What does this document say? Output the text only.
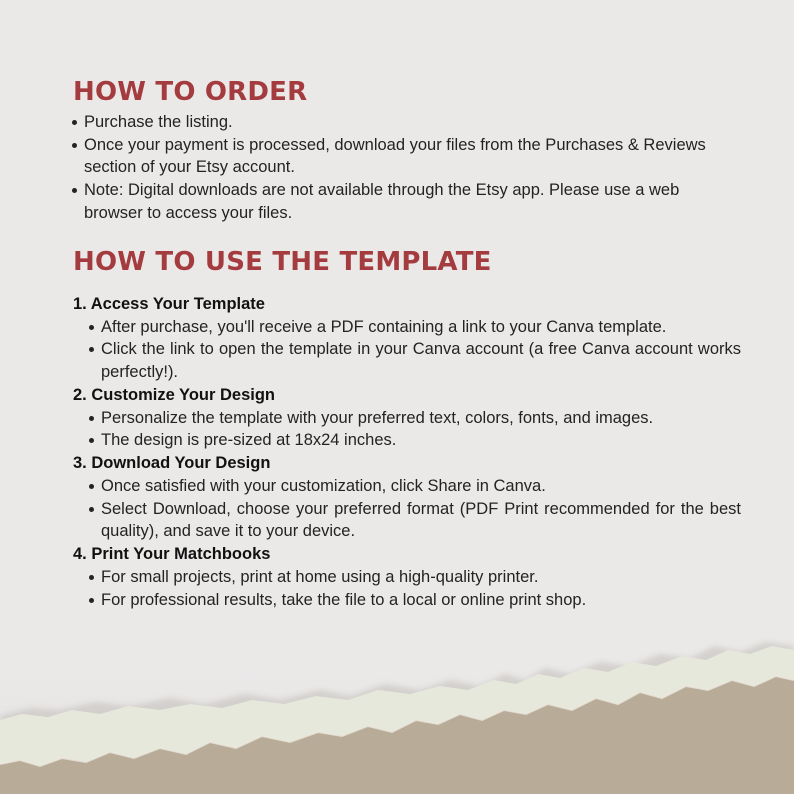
HOW TO ORDER
Purchase the listing.
Once your payment is processed, download your files from the Purchases & Reviews section of your Etsy account.
Note: Digital downloads are not available through the Etsy app. Please use a web browser to access your files.
HOW TO USE THE TEMPLATE
1. Access Your Template
After purchase, you'll receive a PDF containing a link to your Canva template.
Click the link to open the template in your Canva account (a free Canva account works perfectly!).
2. Customize Your Design
Personalize the template with your preferred text, colors, fonts, and images.
The design is pre-sized at 18x24 inches.
3. Download Your Design
Once satisfied with your customization, click Share in Canva.
Select Download, choose your preferred format (PDF Print recommended for the best quality), and save it to your device.
4. Print Your Matchbooks
For small projects, print at home using a high-quality printer.
For professional results, take the file to a local or online print shop.
